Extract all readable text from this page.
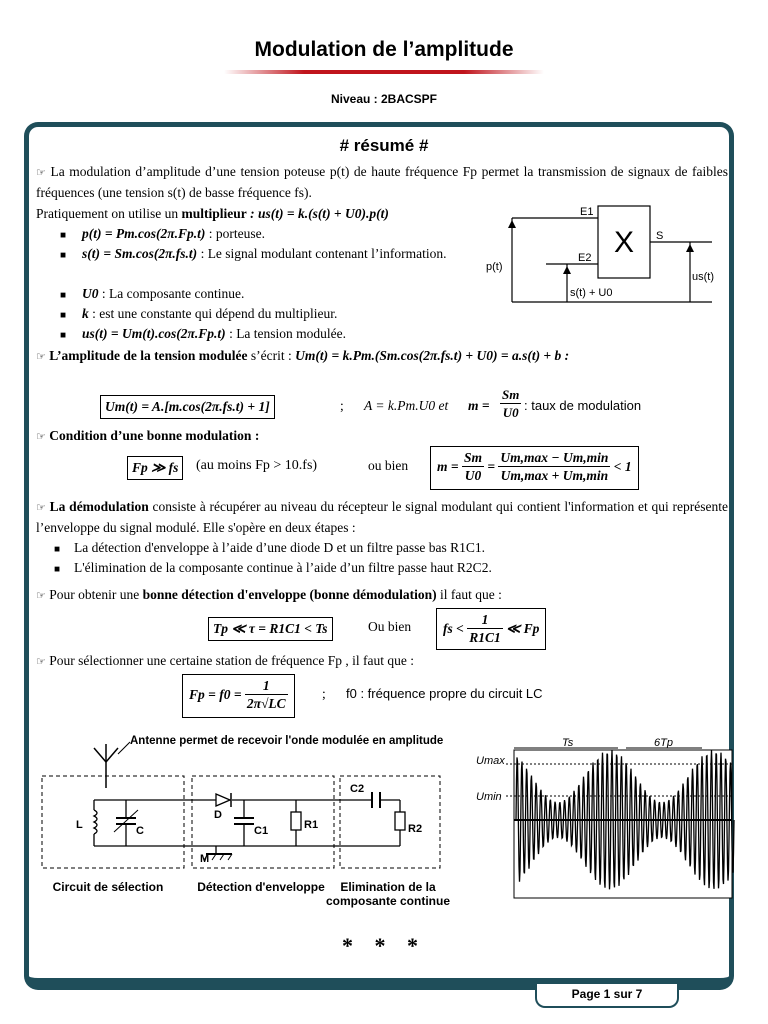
Modulation de l’amplitude
Niveau : 2BACSPF
Page 1 sur 7
# résumé #
☞ La modulation d’amplitude d’une tension poteuse p(t) de haute fréquence Fp permet la transmission de signaux de faibles fréquences (une tension s(t) de basse fréquence fs).
Pratiquement on utilise un multiplieur : us(t) = k.(s(t) + U0).p(t)
■ p(t) = Pm.cos(2π.Fp.t) : porteuse.
■ s(t) = Sm.cos(2π.fs.t) : Le signal modulant contenant l’information.
■ U0 : La composante continue.
■ k : est une constante qui dépend du multiplieur.
■ us(t) = Um(t).cos(2π.Fp.t) : La tension modulée.
X
E1
E2
S
p(t)
us(t)
s(t) + U0
☞ L’amplitude de la tension modulée s’écrit : Um(t) = k.Pm.(Sm.cos(2π.fs.t) + U0) = a.s(t) + b :
Um(t) = A.[m.cos(2π.fs.t) + 1]	; A = k.Pm.U0 et $m = \frac{Sm}{U0}$ : taux de modulation
☞ Condition d’une bonne modulation :
Fp ≫ fs	(au moins Fp > 10.fs)	ou bien	$m = \frac{Sm}{U0} = \frac{Um,\max - Um,\min}{Um,\max + Um,\min} < 1$
☞ La démodulation consiste à récupérer au niveau du récepteur le signal modulant qui contient l'information et qui représente l’enveloppe du signal modulé. Elle s'opère en deux étapes :
■ La détection d'enveloppe à l’aide d’une diode D et un filtre passe bas R1C1.
■ L'élimination de la composante continue à l’aide d’un filtre passe haut R2C2.
☞ Pour obtenir une bonne détection d'enveloppe (bonne démodulation) il faut que :
Tp ≪ τ = R1C1 < Ts	Ou bien	fs < $\frac{1}{R1C1}$ ≪ Fp
☞ Pour sélectionner une certaine station de fréquence Fp , il faut que :
$Fp = f0 = \frac{1}{2\pi√LC}$	; f0 : fréquence propre du circuit LC
Antenne permet de recevoir l'onde modulée en amplitude
L	C
D
C1	R1
C2
R2
M
Circuit de sélection	Détection d'enveloppe	Elimination de la composante continue
Umax
Umin
Ts	6Tp
* * *
